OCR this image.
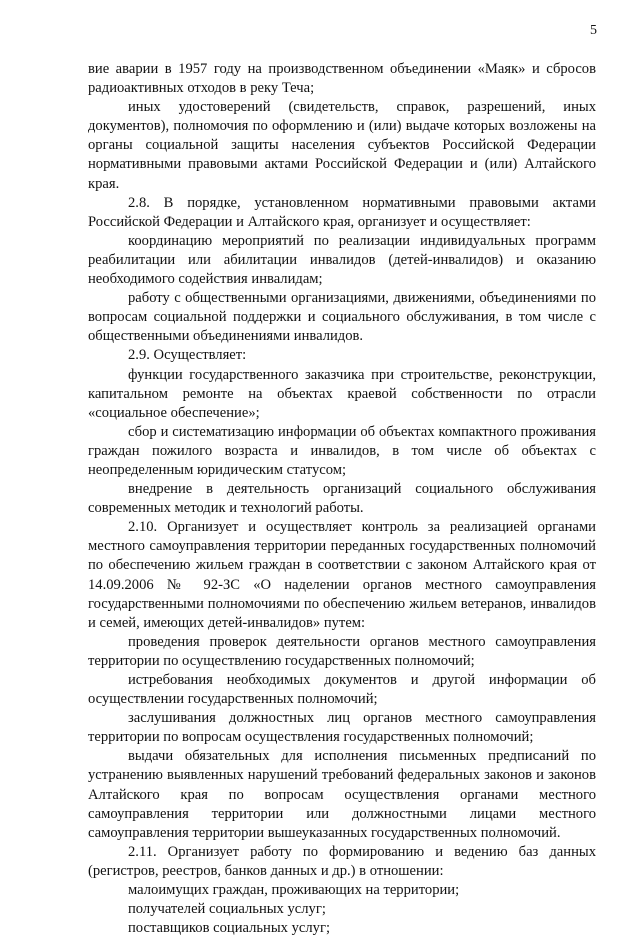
5

вие аварии в 1957 году на производственном объединении «Маяк» и сбросов радиоактивных отходов в реку Теча;

иных удостоверений (свидетельств, справок, разрешений, иных документов), полномочия по оформлению и (или) выдаче которых возложены на органы социальной защиты населения субъектов Российской Федерации нормативными правовыми актами Российской Федерации и (или) Алтайского края.

2.8. В порядке, установленном нормативными правовыми актами Российской Федерации и Алтайского края, организует и осуществляет:

координацию мероприятий по реализации индивидуальных программ реабилитации или абилитации инвалидов (детей-инвалидов) и оказанию необходимого содействия инвалидам;

работу с общественными организациями, движениями, объединениями по вопросам социальной поддержки и социального обслуживания, в том числе с общественными объединениями инвалидов.

2.9. Осуществляет:

функции государственного заказчика при строительстве, реконструкции, капитальном ремонте на объектах краевой собственности по отрасли «социальное обеспечение»;

сбор и систематизацию информации об объектах компактного проживания граждан пожилого возраста и инвалидов, в том числе об объектах с неопределенным юридическим статусом;

внедрение в деятельность организаций социального обслуживания современных методик и технологий работы.

2.10. Организует и осуществляет контроль за реализацией органами местного самоуправления территории переданных государственных полномочий по обеспечению жильем граждан в соответствии с законом Алтайского края от 14.09.2006 № 92-ЗС «О наделении органов местного самоуправления государственными полномочиями по обеспечению жильем ветеранов, инвалидов и семей, имеющих детей-инвалидов» путем:

проведения проверок деятельности органов местного самоуправления территории по осуществлению государственных полномочий;

истребования необходимых документов и другой информации об осуществлении государственных полномочий;

заслушивания должностных лиц органов местного самоуправления территории по вопросам осуществления государственных полномочий;

выдачи обязательных для исполнения письменных предписаний по устранению выявленных нарушений требований федеральных законов и законов Алтайского края по вопросам осуществления органами местного самоуправления территории или должностными лицами местного самоуправления территории вышеуказанных государственных полномочий.

2.11. Организует работу по формированию и ведению баз данных (регистров, реестров, банков данных и др.) в отношении:

малоимущих граждан, проживающих на территории;

получателей социальных услуг;

поставщиков социальных услуг;
